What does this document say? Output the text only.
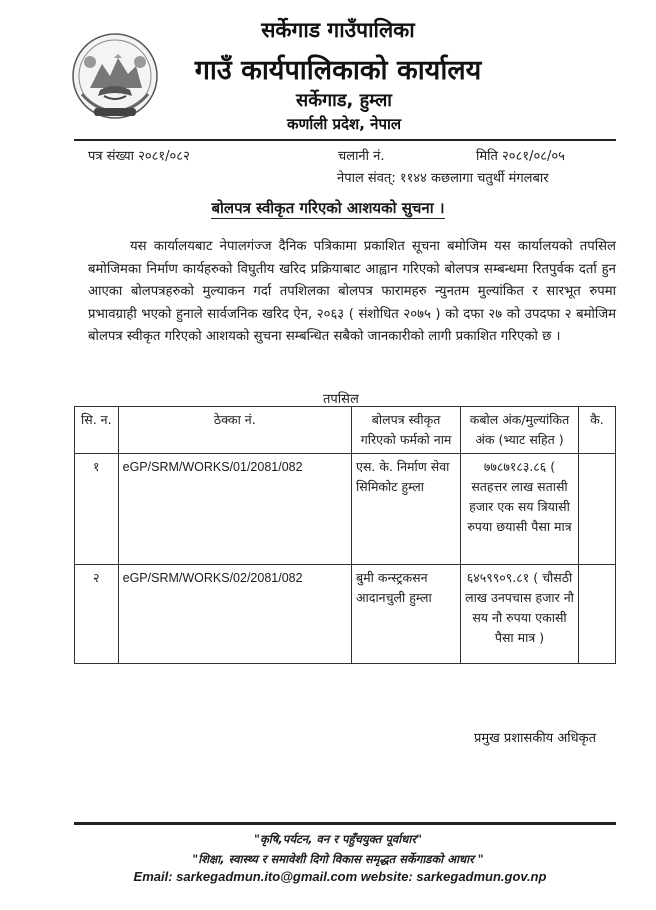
सर्केगाड गाउँपालिका

गाउँ कार्यपालिकाको कार्यालय

सर्केगाड, हुम्ला

कर्णाली प्रदेश, नेपाल

पत्र संख्या २०८१/०८२	चलानी नं.	मिति २०८१/०८/०५
नेपाल संवत्: ११४४ कछलागा चतुर्थी मंगलबार
बोलपत्र स्वीकृत गरिएको आशयको सुचना ।

यस कार्यालयबाट नेपालगंज्ज दैनिक पत्रिकामा प्रकाशित सूचना बमोजिम यस कार्यालयको तपसिल बमोजिमका निर्माण कार्यहरुको विघुतीय खरिद प्रक्रियाबाट आह्वान गरिएको बोलपत्र सम्बन्धमा रितपुर्वक दर्ता हुन आएका बोलपत्रहरुको मुल्याकन गर्दा तपशिलका बोलपत्र फारामहरु न्युनतम मुल्यांकित र सारभूत रुपमा प्रभावग्राही भएको हुनाले सार्वजनिक खरिद ऐन, २०६३ ( संशोधित २०७५ ) को दफा २७ को उपदफा २ बमोजिम बोलपत्र स्वीकृत गरिएको आशयको सुचना सम्बन्धित सबैको जानकारीको लागी प्रकाशित गरिएको छ ।

तपसिल
सि. न.	ठेक्का नं.	बोलपत्र स्वीकृत गरिएको फर्मको नाम	कबोल अंक/मुल्यांकित अंक (भ्याट सहित )	कै.
१	eGP/SRM/WORKS/01/2081/082	एस. के. निर्माण सेवा सिमिकोट हुम्ला	७७८७१८३.८६ ( सतहत्तर लाख सतासी हजार एक सय त्रियासी रुपया छयासी पैसा मात्र	
२	eGP/SRM/WORKS/02/2081/082	बुमी कन्स्ट्रकसन आदानचुली हुम्ला	६४५९९०९.८१ ( चौसठी लाख उनपचास हजार नौ सय नौ रुपया एकासी पैसा मात्र )	
प्रमुख प्रशासकीय अधिकृत

"कृषि,पर्यटन, वन र पहुँचयुक्त पूर्वाधार"

"शिक्षा, स्वास्थ्य र समावेशी दिगो विकास समृद्धत सर्केगाडको आधार "

Email: sarkegadmun.ito@gmail.com website: sarkegadmun.gov.np
